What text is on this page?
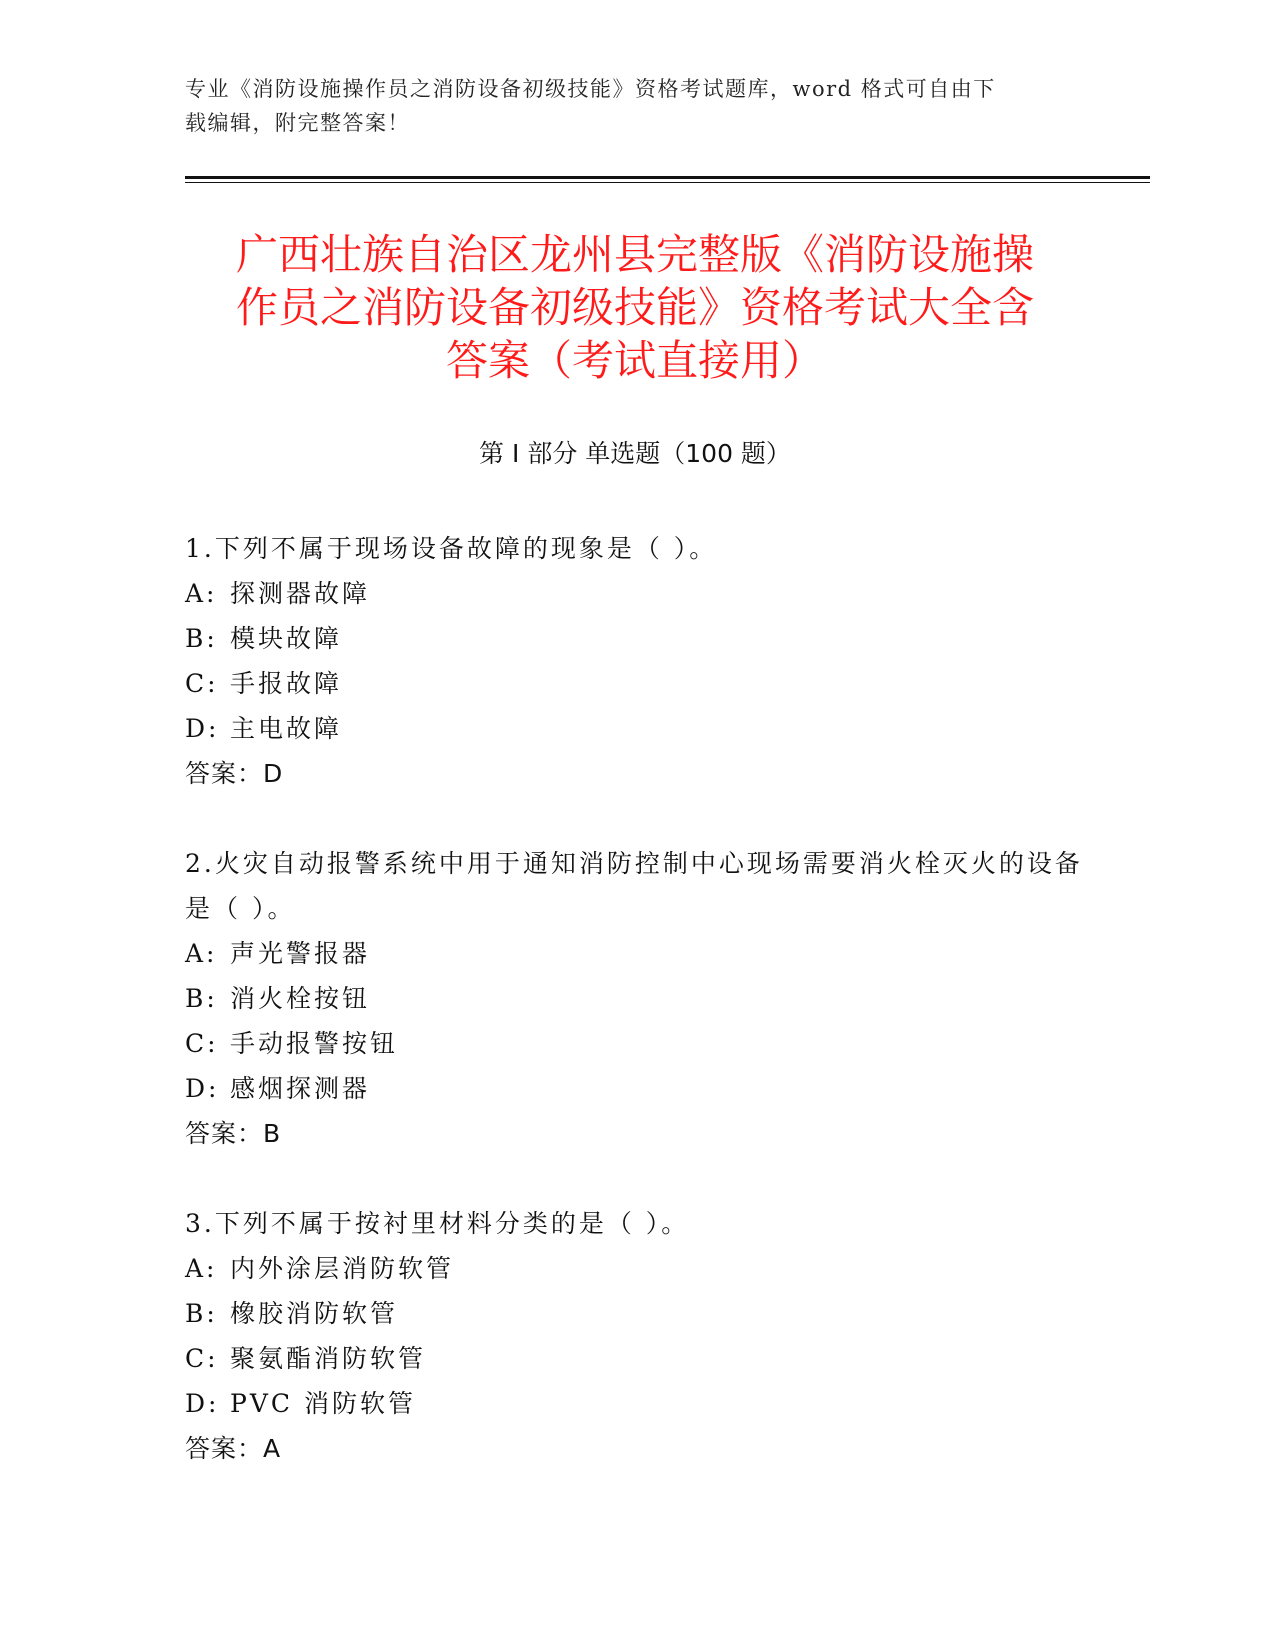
专业《消防设施操作员之消防设备初级技能》资格考试题库，word 格式可自由下
载编辑，附完整答案！
广西壮族自治区龙州县完整版《消防设施操
作员之消防设备初级技能》资格考试大全含
答案（考试直接用）
第 I 部分 单选题（100 题）

1.下列不属于现场设备故障的现象是（ ）。

A: 探测器故障

B: 模块故障

C: 手报故障

D: 主电故障

答案：D

2.火灾自动报警系统中用于通知消防控制中心现场需要消火栓灭火的设备是（ ）。

A: 声光警报器

B: 消火栓按钮

C: 手动报警按钮

D: 感烟探测器

答案：B

3.下列不属于按衬里材料分类的是（ ）。

A: 内外涂层消防软管

B: 橡胶消防软管

C: 聚氨酯消防软管

D: PVC 消防软管

答案：A
